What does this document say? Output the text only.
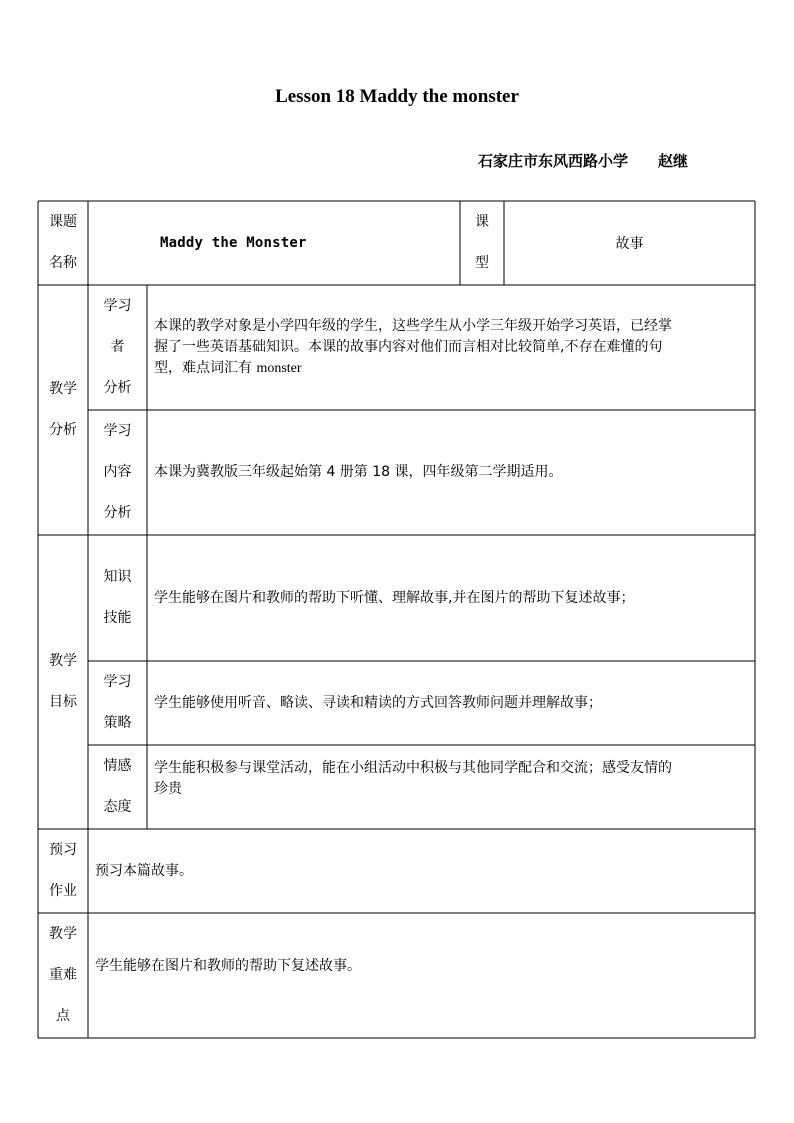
Lesson 18 Maddy the monster
石家庄市东风西路小学 赵继
课题
名称
Maddy the Monster
课
型
故事
教学
分析
学习
者
分析
本课的教学对象是小学四年级的学生，这些学生从小学三年级开始学习英语，已经掌
握了一些英语基础知识。本课的故事内容对他们而言相对比较简单,不存在难懂的句
型，难点词汇有 monster
学习
内容
分析
本课为冀教版三年级起始第 4 册第 18 课，四年级第二学期适用。
教学
目标
知识
技能
学生能够在图片和教师的帮助下听懂、理解故事,并在图片的帮助下复述故事；
学习
策略
学生能够使用听音、略读、寻读和精读的方式回答教师问题并理解故事；
情感
态度
学生能积极参与课堂活动，能在小组活动中积极与其他同学配合和交流；感受友情的
珍贵
预习
作业
预习本篇故事。
教学
重难
点
学生能够在图片和教师的帮助下复述故事。
